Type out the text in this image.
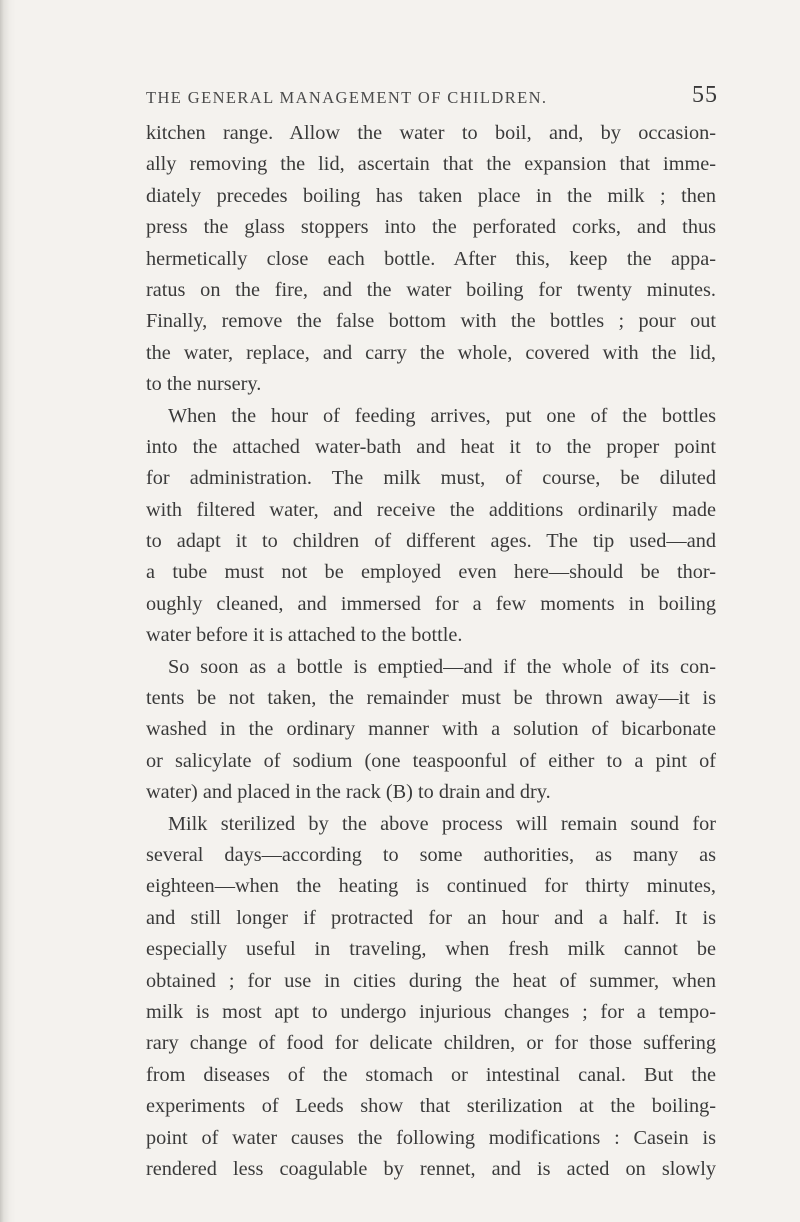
THE GENERAL MANAGEMENT OF CHILDREN.	55
kitchen range. Allow the water to boil, and, by occasion-
ally removing the lid, ascertain that the expansion that imme-
diately precedes boiling has taken place in the milk ; then
press the glass stoppers into the perforated corks, and thus
hermetically close each bottle. After this, keep the appa-
ratus on the fire, and the water boiling for twenty minutes.
Finally, remove the false bottom with the bottles ; pour out
the water, replace, and carry the whole, covered with the lid,
to the nursery.
When the hour of feeding arrives, put one of the bottles
into the attached water-bath and heat it to the proper point
for administration. The milk must, of course, be diluted
with filtered water, and receive the additions ordinarily made
to adapt it to children of different ages. The tip used—and
a tube must not be employed even here—should be thor-
oughly cleaned, and immersed for a few moments in boiling
water before it is attached to the bottle.
So soon as a bottle is emptied—and if the whole of its con-
tents be not taken, the remainder must be thrown away—it is
washed in the ordinary manner with a solution of bicarbonate
or salicylate of sodium (one teaspoonful of either to a pint of
water) and placed in the rack (B) to drain and dry.
Milk sterilized by the above process will remain sound for
several days—according to some authorities, as many as
eighteen—when the heating is continued for thirty minutes,
and still longer if protracted for an hour and a half. It is
especially useful in traveling, when fresh milk cannot be
obtained ; for use in cities during the heat of summer, when
milk is most apt to undergo injurious changes ; for a tempo-
rary change of food for delicate children, or for those suffering
from diseases of the stomach or intestinal canal. But the
experiments of Leeds show that sterilization at the boiling-
point of water causes the following modifications : Casein is
rendered less coagulable by rennet, and is acted on slowly
